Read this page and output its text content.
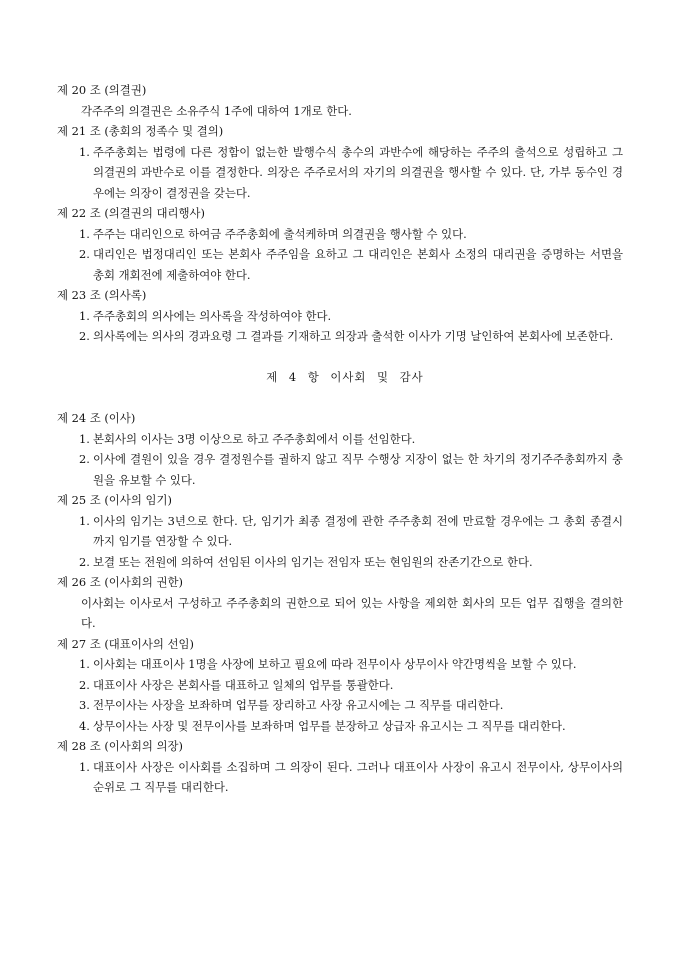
제 20 조 (의결권)
각주주의 의결권은 소유주식 1주에 대하여 1개로 한다.
제 21 조 (총회의 정족수 및 결의)
1. 주주총회는 법령에 다른 정함이 없는한 발행수식 총수의 과반수에 해당하는 주주의 출석으로 성립하고 그 의결권의 과반수로 이를 결정한다. 의장은 주주로서의 자기의 의결권을 행사할 수 있다. 단, 가부 동수인 경우에는 의장이 결정권을 갖는다.
제 22 조 (의결권의 대리행사)
1. 주주는 대리인으로 하여금 주주총회에 출석케하며 의결권을 행사할 수 있다.
2. 대리인은 법정대리인 또는 본회사 주주임을 요하고 그 대리인은 본회사 소정의 대리권을 증명하는 서면을 총회 개회전에 제출하여야 한다.
제 23 조 (의사록)
1. 주주총회의 의사에는 의사록을 작성하여야 한다.
2. 의사록에는 의사의 경과요령 그 결과를 기재하고 의장과 출석한 이사가 기명 날인하여 본회사에 보존한다.
제 4 항 이사회 및 감사
제 24 조 (이사)
1. 본회사의 이사는 3명 이상으로 하고 주주총회에서 이를 선임한다.
2. 이사에 결원이 있을 경우 결정원수를 궐하지 않고 직무 수행상 지장이 없는 한 차기의 정기주주총회까지 충원을 유보할 수 있다.
제 25 조 (이사의 임기)
1. 이사의 임기는 3년으로 한다. 단, 임기가 최종 결정에 관한 주주총회 전에 만료할 경우에는 그 총회 종결시까지 임기를 연장할 수 있다.
2. 보결 또는 전원에 의하여 선임된 이사의 임기는 전임자 또는 현임원의 잔존기간으로 한다.
제 26 조 (이사회의 권한)
이사회는 이사로서 구성하고 주주총회의 권한으로 되어 있는 사항을 제외한 회사의 모든 업무 집행을 결의한다.
제 27 조 (대표이사의 선임)
1. 이사회는 대표이사 1명을 사장에 보하고 필요에 따라 전무이사 상무이사 약간명씩을 보할 수 있다.
2. 대표이사 사장은 본회사를 대표하고 일체의 업무를 통괄한다.
3. 전무이사는 사장을 보좌하며 업무를 장리하고 사장 유고시에는 그 직무를 대리한다.
4. 상무이사는 사장 및 전무이사를 보좌하며 업무를 분장하고 상급자 유고시는 그 직무를 대리한다.
제 28 조 (이사회의 의장)
1. 대표이사 사장은 이사회를 소집하며 그 의장이 된다. 그러나 대표이사 사장이 유고시 전무이사, 상무이사의 순위로 그 직무를 대리한다.
